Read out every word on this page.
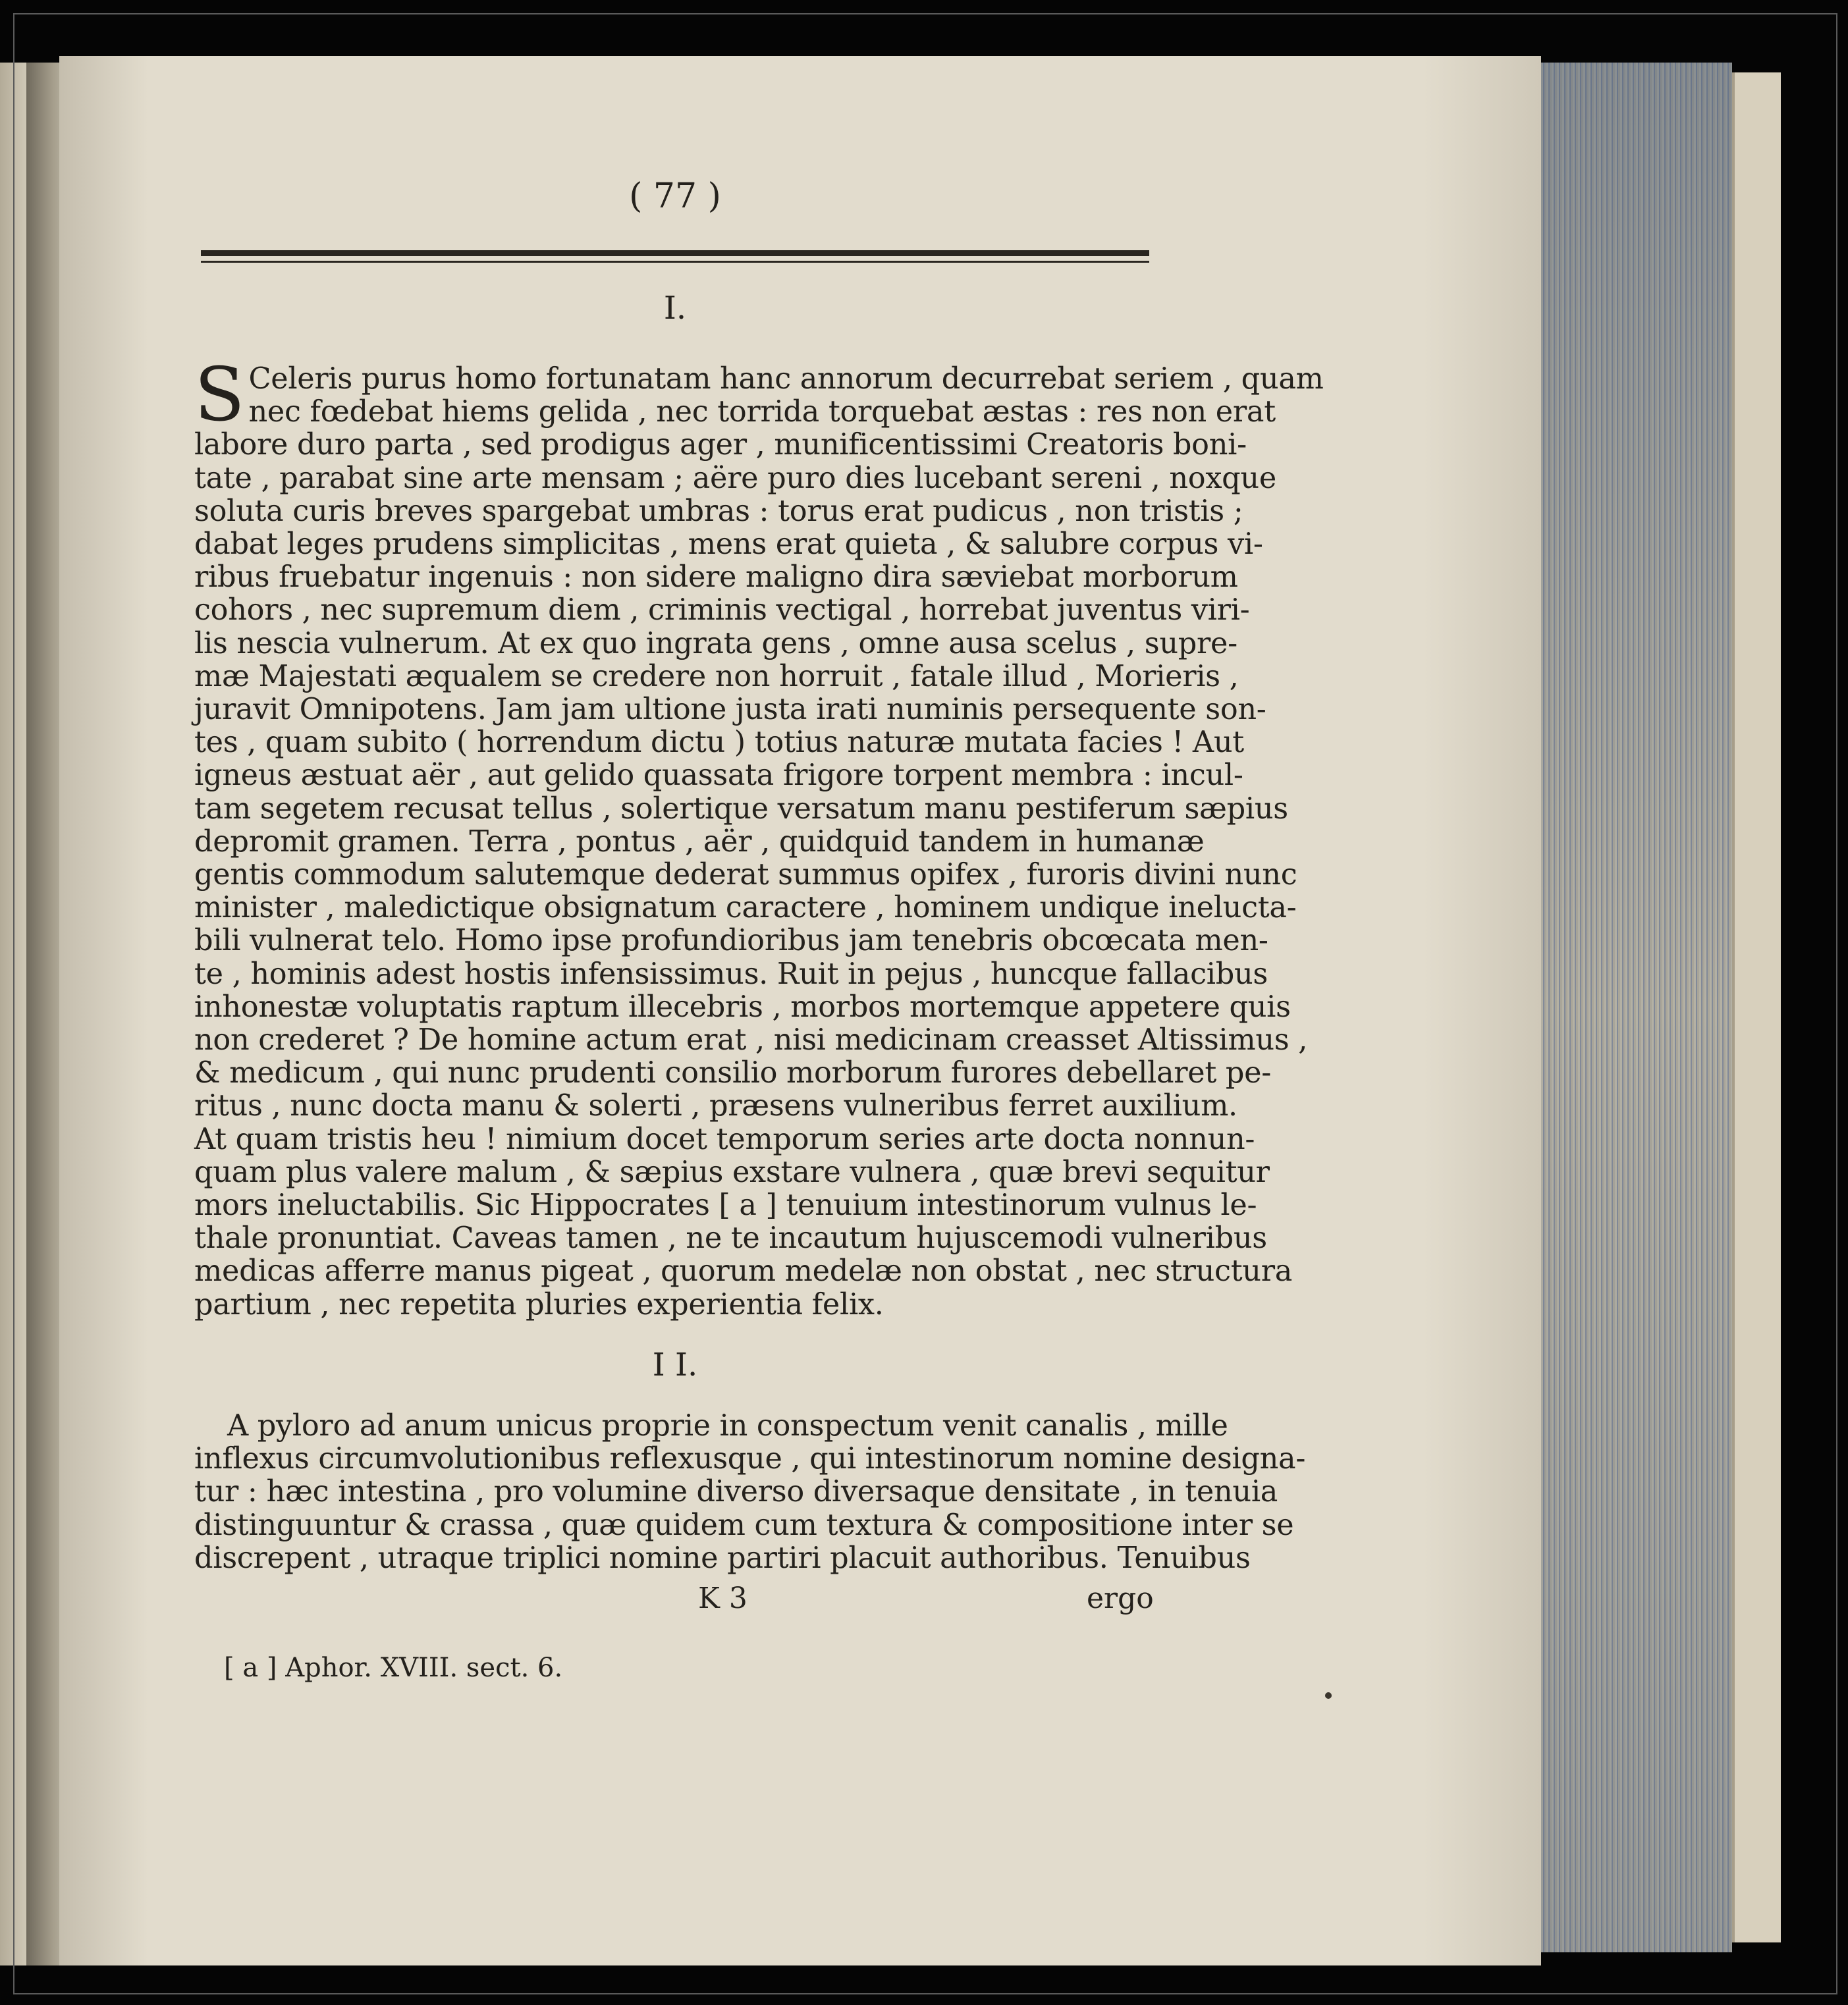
( 77 )
I.
S Celeris purus homo fortunatam hanc annorum decurrebat seriem , quam
nec fœdebat hiems gelida , nec torrida torquebat æstas : res non erat
labore duro parta , sed prodigus ager , munificentissimi Creatoris boni-
tate , parabat sine arte mensam ; aëre puro dies lucebant sereni , noxque
soluta curis breves spargebat umbras : torus erat pudicus , non tristis ;
dabat leges prudens simplicitas , mens erat quieta , & salubre corpus vi-
ribus fruebatur ingenuis : non sidere maligno dira sæviebat morborum
cohors , nec supremum diem , criminis vectigal , horrebat juventus viri-
lis nescia vulnerum. At ex quo ingrata gens , omne ausa scelus , supre-
mæ Majestati æqualem se credere non horruit , fatale illud , Morieris ,
juravit Omnipotens. Jam jam ultione justa irati numinis persequente son-
tes , quam subito ( horrendum dictu ) totius naturæ mutata facies ! Aut
igneus æstuat aër , aut gelido quassata frigore torpent membra : incul-
tam segetem recusat tellus , solertique versatum manu pestiferum sæpius
depromit gramen. Terra , pontus , aër , quidquid tandem in humanæ
gentis commodum salutemque dederat summus opifex , furoris divini nunc
minister , maledictique obsignatum caractere , hominem undique ineluctа-
bili vulnerat telo. Homo ipse profundioribus jam tenebris obcœcata men-
te , hominis adest hostis infensissimus. Ruit in pejus , huncque fallacibus
inhonestæ voluptatis raptum illecebris , morbos mortemque appetere quis
non crederet ? De homine actum erat , nisi medicinam creasset Altissimus ,
& medicum , qui nunc prudenti consilio morborum furores debellaret pe-
ritus , nunc docta manu & solerti , præsens vulneribus ferret auxilium.
At quam tristis heu ! nimium docet temporum series arte docta nonnun-
quam plus valere malum , & sæpius exstare vulnera , quæ brevi sequitur
mors ineluctabilis. Sic Hippocrates [ a ] tenuium intestinorum vulnus le-
thale pronuntiat. Caveas tamen , ne te incautum hujuscemodi vulneribus
medicas afferre manus pigeat , quorum medelæ non obstat , nec structura
partium , nec repetita pluries experientia felix.
I I.
A pyloro ad anum unicus proprie in conspectum venit canalis , mille
inflexus circumvolutionibus reflexusque , qui intestinorum nomine designa-
tur : hæc intestina , pro volumine diverso diversaque densitate , in tenuia
distinguuntur & crassa , quæ quidem cum textura & compositione inter se
discrepent , utraque triplici nomine partiri placuit authoribus. Tenuibus
K 3	ergo
[ a ] Aphor. XVIII. sect. 6.
